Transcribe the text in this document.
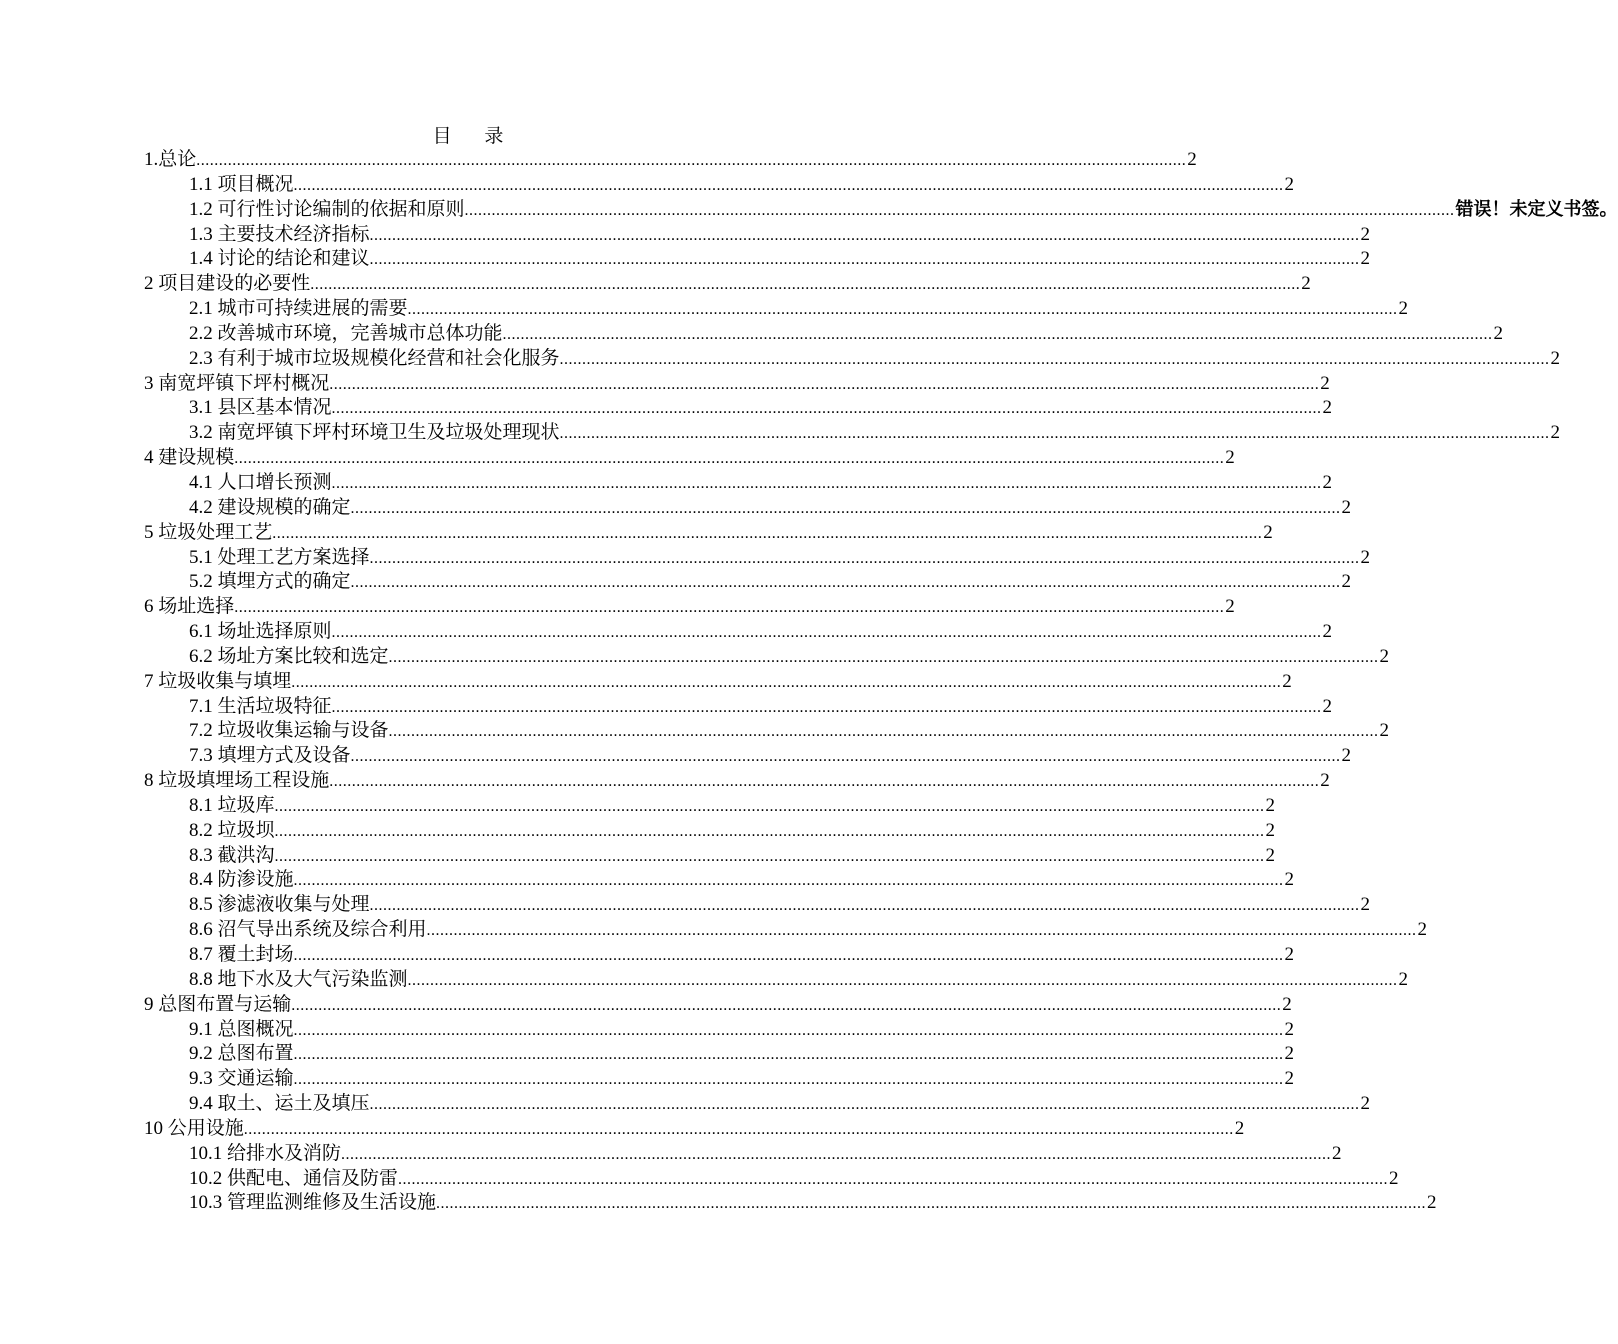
目 录
1.总论 ............................................................................................................................................................................................................................ 2
1.1 项目概况 ............................................................................................................................................................................................................................ 2
1.2 可行性讨论编制的依据和原则 ............................................................................................................................................................................................................................ 错误！未定义书签。
1.3 主要技术经济指标 ............................................................................................................................................................................................................................ 2
1.4 讨论的结论和建议 ............................................................................................................................................................................................................................ 2
2 项目建设的必要性 ............................................................................................................................................................................................................................ 2
2.1 城市可持续进展的需要 ............................................................................................................................................................................................................................ 2
2.2 改善城市环境，完善城市总体功能 ............................................................................................................................................................................................................................ 2
2.3 有利于城市垃圾规模化经营和社会化服务 ............................................................................................................................................................................................................................ 2
3 南宽坪镇下坪村概况 ............................................................................................................................................................................................................................ 2
3.1 县区基本情况 ............................................................................................................................................................................................................................ 2
3.2 南宽坪镇下坪村环境卫生及垃圾处理现状 ............................................................................................................................................................................................................................ 2
4 建设规模 ............................................................................................................................................................................................................................ 2
4.1 人口增长预测 ............................................................................................................................................................................................................................ 2
4.2 建设规模的确定 ............................................................................................................................................................................................................................ 2
5 垃圾处理工艺 ............................................................................................................................................................................................................................ 2
5.1 处理工艺方案选择 ............................................................................................................................................................................................................................ 2
5.2 填埋方式的确定 ............................................................................................................................................................................................................................ 2
6 场址选择 ............................................................................................................................................................................................................................ 2
6.1 场址选择原则 ............................................................................................................................................................................................................................ 2
6.2 场址方案比较和选定 ............................................................................................................................................................................................................................ 2
7 垃圾收集与填埋 ............................................................................................................................................................................................................................ 2
7.1 生活垃圾特征 ............................................................................................................................................................................................................................ 2
7.2 垃圾收集运输与设备 ............................................................................................................................................................................................................................ 2
7.3 填埋方式及设备 ............................................................................................................................................................................................................................ 2
8 垃圾填埋场工程设施 ............................................................................................................................................................................................................................ 2
8.1 垃圾库 ............................................................................................................................................................................................................................ 2
8.2 垃圾坝 ............................................................................................................................................................................................................................ 2
8.3 截洪沟 ............................................................................................................................................................................................................................ 2
8.4 防渗设施 ............................................................................................................................................................................................................................ 2
8.5 渗滤液收集与处理 ............................................................................................................................................................................................................................ 2
8.6 沼气导出系统及综合利用 ............................................................................................................................................................................................................................ 2
8.7 覆土封场 ............................................................................................................................................................................................................................ 2
8.8 地下水及大气污染监测 ............................................................................................................................................................................................................................ 2
9 总图布置与运输 ............................................................................................................................................................................................................................ 2
9.1 总图概况 ............................................................................................................................................................................................................................ 2
9.2 总图布置 ............................................................................................................................................................................................................................ 2
9.3 交通运输 ............................................................................................................................................................................................................................ 2
9.4 取土、运土及填压 ............................................................................................................................................................................................................................ 2
10 公用设施 ............................................................................................................................................................................................................................ 2
10.1 给排水及消防 ............................................................................................................................................................................................................................ 2
10.2 供配电、通信及防雷 ............................................................................................................................................................................................................................ 2
10.3 管理监测维修及生活设施 ............................................................................................................................................................................................................................ 2
